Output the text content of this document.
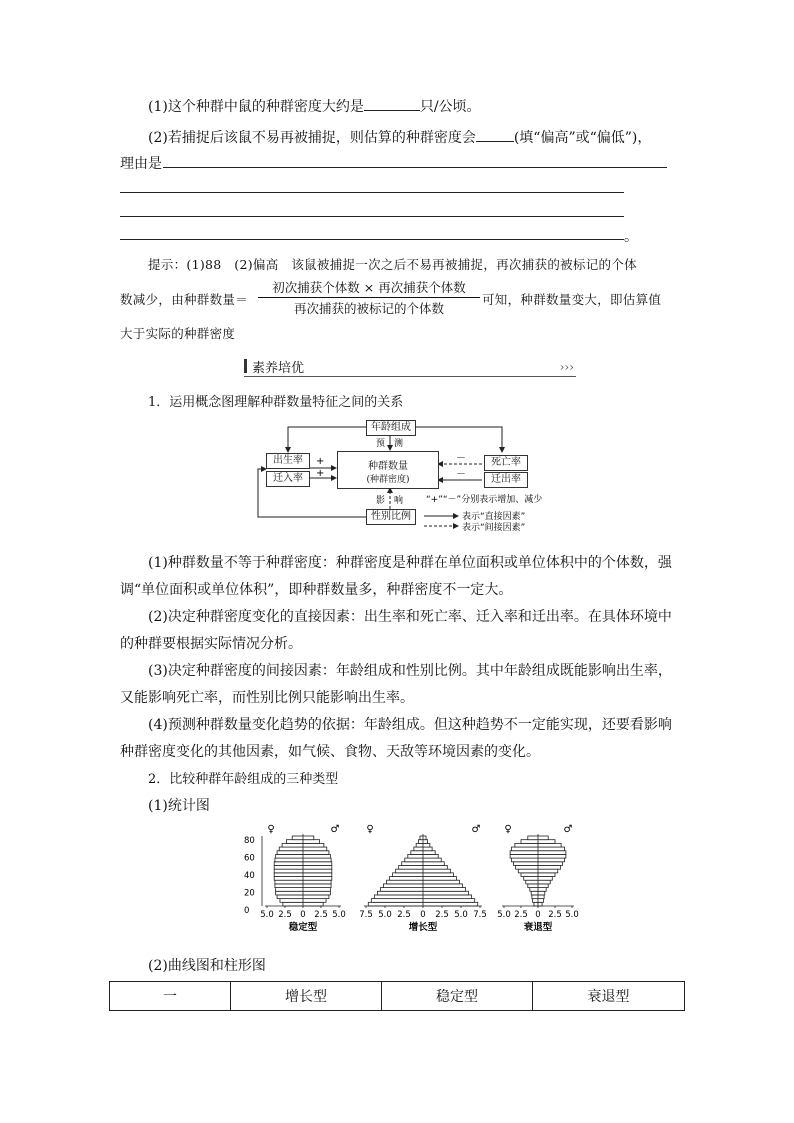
(1)这个种群中鼠的种群密度大约是	只/公顷。
(2)若捕捉后该鼠不易再被捕捉，则估算的种群密度会	(填“偏高”或“偏低”)，
理由是
。
提示：(1)88　(2)偏高　该鼠被捕捉一次之后不易再被捕捉，再次捕获的被标记的个体
数减少，由种群数量＝
初次捕获个体数 × 再次捕获个体数
再次捕获的被标记的个体数
可知，种群数量变大，即估算值
大于实际的种群密度
素养培优	›››
1．运用概念图理解种群数量特征之间的关系
预　测
影　响
+
+
－
－
“+”“－”分别表示增加、减少
表示“直接因素”
表示“间接因素”
年龄组成
出生率
迁入率
种群数量
(种群密度)
死亡率
迁出率
性别比例
(1)种群数量不等于种群密度：种群密度是种群在单位面积或单位体积中的个体数，强
调“单位面积或单位体积”，即种群数量多，种群密度不一定大。
(2)决定种群密度变化的直接因素：出生率和死亡率、迁入率和迁出率。在具体环境中
的种群要根据实际情况分析。
(3)决定种群密度的间接因素：年龄组成和性别比例。其中年龄组成既能影响出生率，
又能影响死亡率，而性别比例只能影响出生率。
(4)预测种群数量变化趋势的依据：年龄组成。但这种趋势不一定能实现，还要看影响
种群密度变化的其他因素，如气候、食物、天敌等环境因素的变化。
2．比较种群年龄组成的三种类型
(1)统计图
80
60
40
20
0 5.0 2.5 0 2.5 5.0
♀	♂
稳定型
7.5 5.0 2.5 0 2.5 5.0 7.5
♀	♂
增长型
5.0 2.5 0 2.5 5.0
♀	♂
衰退型
(2)曲线图和柱形图
一	增长型	稳定型	衰退型
